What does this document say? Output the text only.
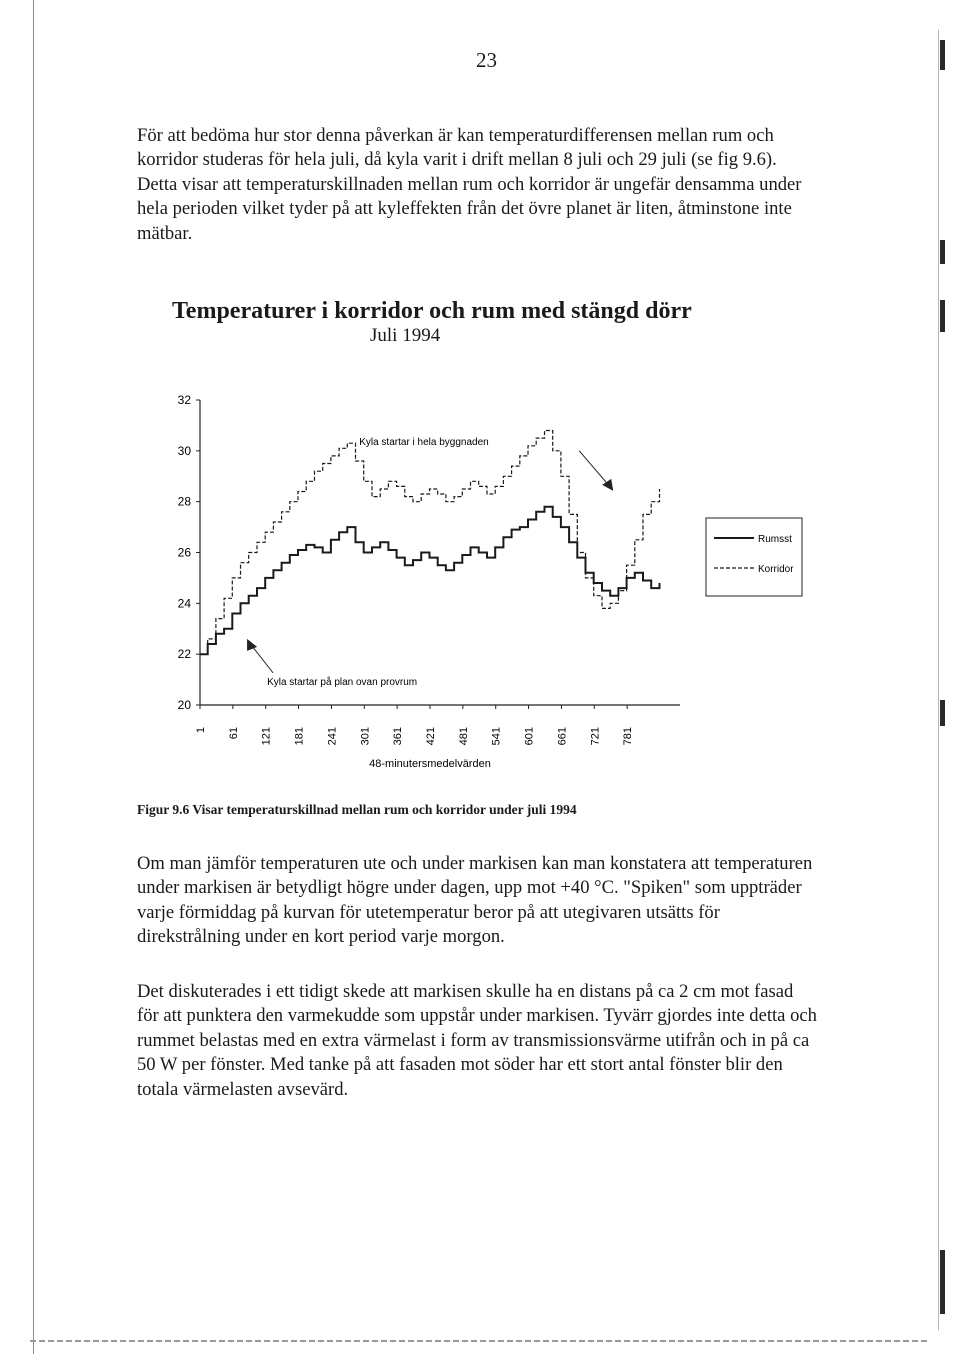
23

För att bedöma hur stor denna påverkan är kan temperaturdifferensen mellan rum och korridor studeras för hela juli, då kyla varit i drift mellan 8 juli och 29 juli (se fig 9.6). Detta visar att temperaturskillnaden mellan rum och korridor är ungefär densamma under hela perioden vilket tyder på att kyleffekten från det övre planet är liten, åtminstone inte mätbar.

Temperaturer i korridor och rum med stängd dörr
Juli 1994
20
22
24
26
28
30
32
1 61 121 181 241 301 361 421 481 541 601 661 721 781
Kyla startar i hela byggnaden
Kyla startar på plan ovan provrum
48-minutersmedelvärden
Rumsst
Korridor
Figur 9.6 Visar temperaturskillnad mellan rum och korridor under juli 1994

Om man jämför temperaturen ute och under markisen kan man konstatera att temperaturen under markisen är betydligt högre under dagen, upp mot +40 °C. "Spiken" som uppträder varje förmiddag på kurvan för utetemperatur beror på att utegivaren utsätts för direkstrålning under en kort period varje morgon.

Det diskuterades i ett tidigt skede att markisen skulle ha en distans på ca 2 cm mot fasad för att punktera den varmekudde som uppstår under markisen. Tyvärr gjordes inte detta och rummet belastas med en extra värmelast i form av transmissionsvärme utifrån och in på ca 50 W per fönster. Med tanke på att fasaden mot söder har ett stort antal fönster blir den totala värmelasten avsevärd.
